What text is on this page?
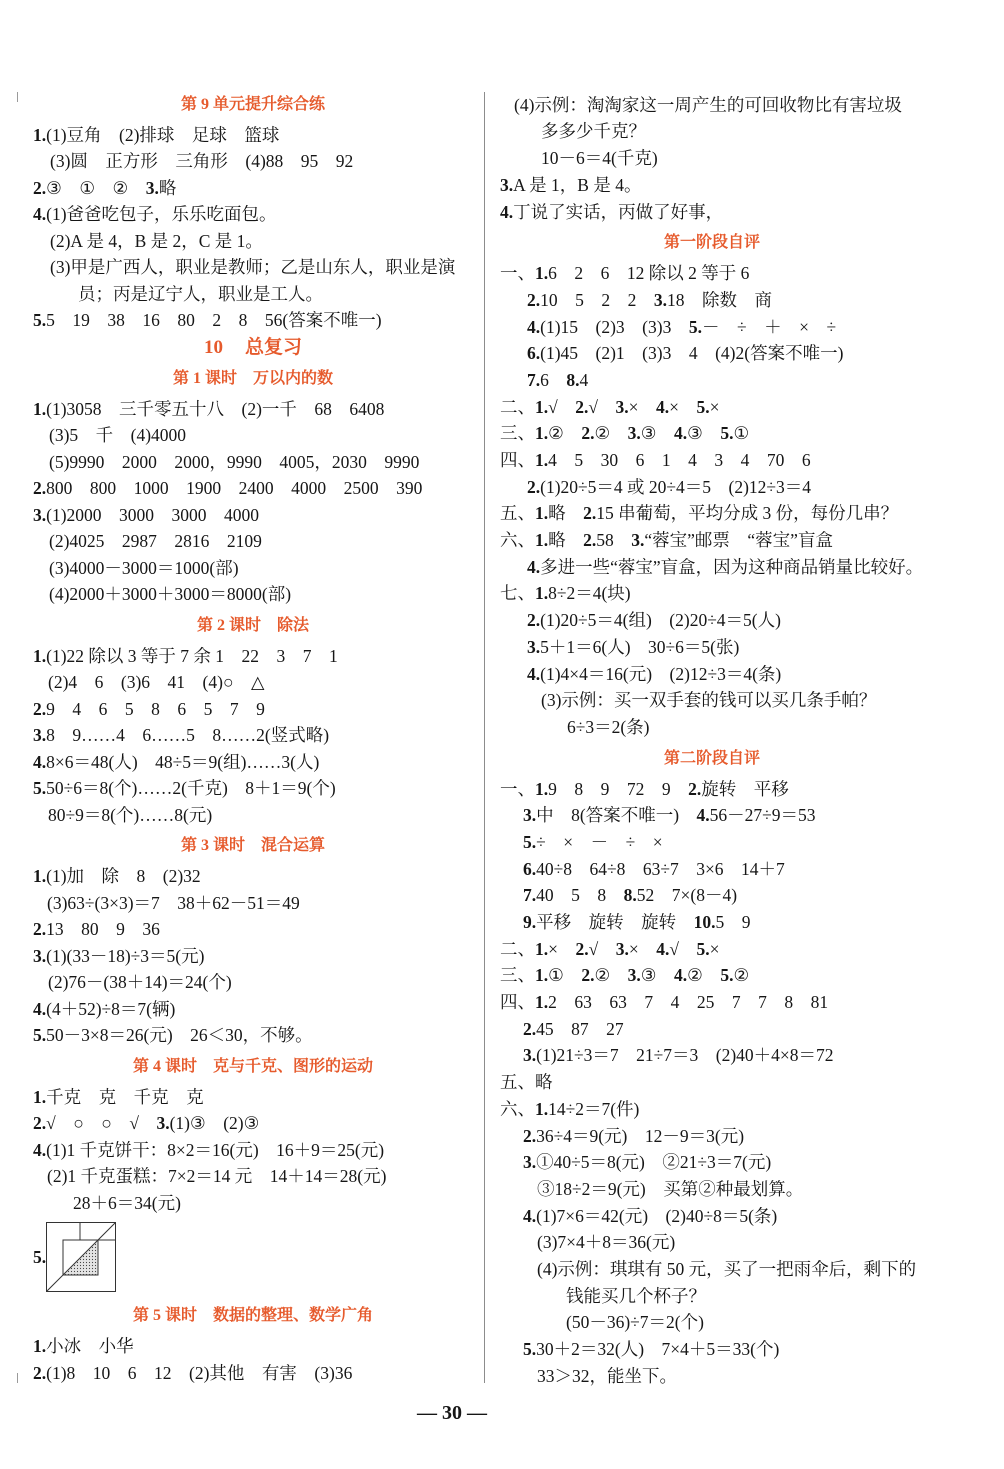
第 9 单元提升综合练
1.(1)豆角　(2)排球　足球　篮球
(3)圆　正方形　三角形　(4)88　95　92
2.③　①　②　3.略
4.(1)爸爸吃包子，乐乐吃面包。
(2)A 是 4，B 是 2，C 是 1。
(3)甲是广西人，职业是教师；乙是山东人，职业是演
员；丙是辽宁人，职业是工人。
5.5　19　38　16　80　2　8　56(答案不唯一)
10 总复习
第 1 课时　万以内的数
1.(1)3058　三千零五十八　(2)一千　68　6408
(3)5　千　(4)4000
(5)9990　2000　2000，9990　4005，2030　9990
2.800　800　1000　1900　2400　4000　2500　390
3.(1)2000　3000　3000　4000
(2)4025　2987　2816　2109
(3)4000－3000＝1000(部)
(4)2000＋3000＋3000＝8000(部)
第 2 课时　除法
1.(1)22 除以 3 等于 7 余 1　22　3　7　1
(2)4　6　(3)6　41　(4)○　△
2.9　4　6　5　8　6　5　7　9
3.8　9……4　6……5　8……2(竖式略)
4.8×6＝48(人)　48÷5＝9(组)……3(人)
5.50÷6＝8(个)……2(千克)　8＋1＝9(个)
80÷9＝8(个)……8(元)
第 3 课时　混合运算
1.(1)加　除　8　(2)32
(3)63÷(3×3)＝7　38＋62－51＝49
2.13　80　9　36
3.(1)(33－18)÷3＝5(元)
(2)76－(38＋14)＝24(个)
4.(4＋52)÷8＝7(辆)
5.50－3×8＝26(元)　26＜30，不够。
第 4 课时　克与千克、图形的运动
1.千克　克　千克　克
2.√　○　○　√　3.(1)③　(2)③
4.(1)1 千克饼干：8×2＝16(元)　16＋9＝25(元)
(2)1 千克蛋糕：7×2＝14 元　14＋14＝28(元)
28＋6＝34(元)
5.
第 5 课时　数据的整理、数学广角
1.小冰　小华
2.(1)8　10　6　12　(2)其他　有害　(3)36
(4)示例：淘淘家这一周产生的可回收物比有害垃圾
多多少千克？
10－6＝4(千克)
3.A 是 1，B 是 4。
4.丁说了实话，丙做了好事，
第一阶段自评
一、1.6　2　6　12 除以 2 等于 6
2.10　5　2　2　3.18　除数　商
4.(1)15　(2)3　(3)3　5.－　÷　＋　×　÷
6.(1)45　(2)1　(3)3　4　(4)2(答案不唯一)
7.6　8.4
二、1.√　2.√　3.×　4.×　5.×
三、1.②　2.②　3.③　4.③　5.①
四、1.4　5　30　6　1　4　3　4　70　6
2.(1)20÷5＝4 或 20÷4＝5　(2)12÷3＝4
五、1.略　2.15 串葡萄，平均分成 3 份，每份几串？
六、1.略　2.58　3.“蓉宝”邮票　“蓉宝”盲盒
4.多进一些“蓉宝”盲盒，因为这种商品销量比较好。
七、1.8÷2＝4(块)
2.(1)20÷5＝4(组)　(2)20÷4＝5(人)
3.5＋1＝6(人)　30÷6＝5(张)
4.(1)4×4＝16(元)　(2)12÷3＝4(条)
(3)示例：买一双手套的钱可以买几条手帕？
6÷3＝2(条)
第二阶段自评
一、1.9　8　9　72　9　2.旋转　平移
3.中　8(答案不唯一)　4.56－27÷9＝53
5.÷　×　－　÷　×
6.40÷8　64÷8　63÷7　3×6　14＋7
7.40　5　8　8.52　7×(8－4)
9.平移　旋转　旋转　10.5　9
二、1.×　2.√　3.×　4.√　5.×
三、1.①　2.②　3.③　4.②　5.②
四、1.2　63　63　7　4　25　7　7　8　81
2.45　87　27
3.(1)21÷3＝7　21÷7＝3　(2)40＋4×8＝72
五、略
六、1.14÷2＝7(件)
2.36÷4＝9(元)　12－9＝3(元)
3.①40÷5＝8(元)　②21÷3＝7(元)
③18÷2＝9(元)　买第②种最划算。
4.(1)7×6＝42(元)　(2)40÷8＝5(条)
(3)7×4＋8＝36(元)
(4)示例：琪琪有 50 元，买了一把雨伞后，剩下的
钱能买几个杯子？
(50－36)÷7＝2(个)
5.30＋2＝32(人)　7×4＋5＝33(个)
33＞32，能坐下。
— 30 —
